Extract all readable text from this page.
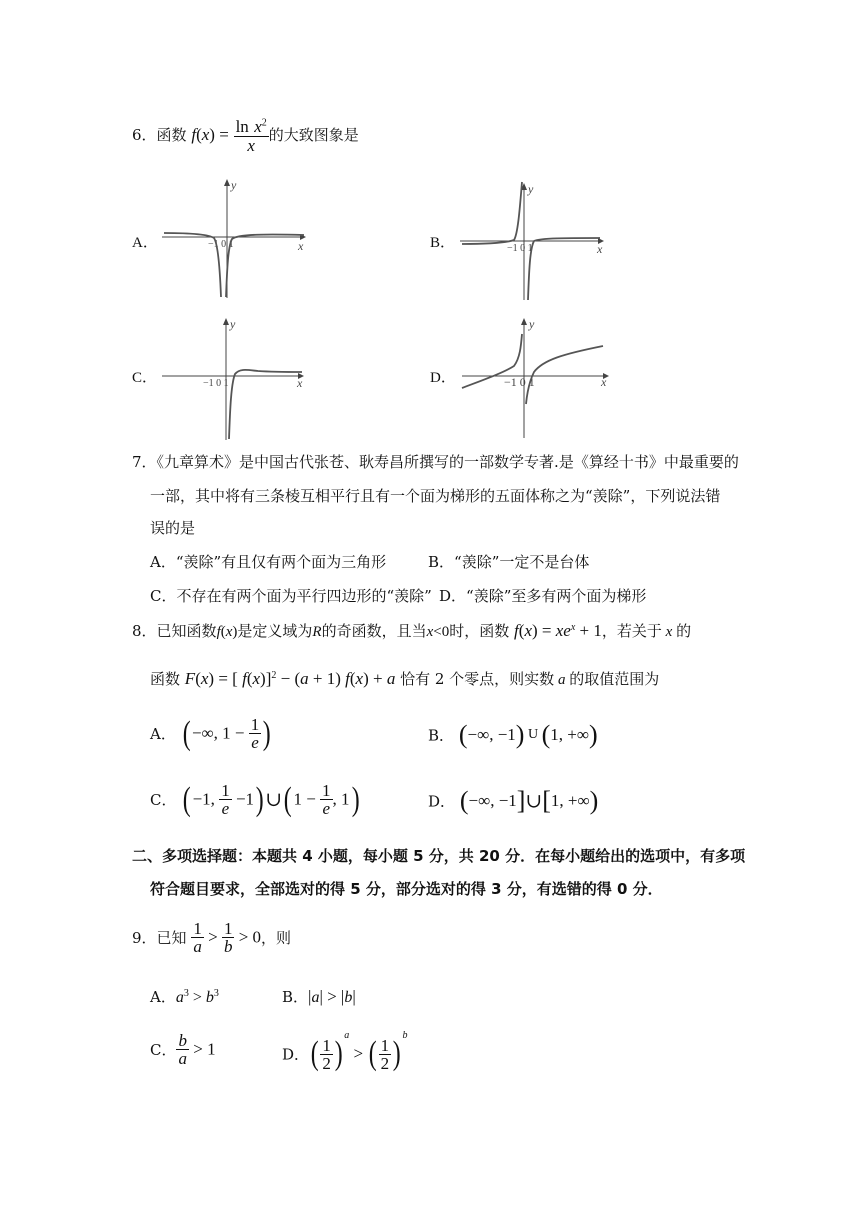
6．函数 $f(x) = \frac{\ln x^2}{x}$ 的大致图象是
A．	B．
C．	D．
y
x
−1 0 1
y
x
−1 0 1
y
x
−1 0 1
y
x
−1 0 1
7．《九章算术》是中国古代张苍、耿寿昌所撰写的一部数学专著.是《算经十书》中最重要的
一部，其中将有三条棱互相平行且有一个面为梯形的五面体称之为“羡除”，下列说法错
误的是
A．“羡除”有且仅有两个面为三角形	B．“羡除”一定不是台体
C．不存在有两个面为平行四边形的“羡除” D．“羡除”至多有两个面为梯形
8．已知函数f(x)是定义域为R的奇函数，且当x<0时，函数 $f(x) = xe^x + 1$，若关于 x 的
函数 F(x) = [ f(x)]$^2$ − (a + 1) f(x) + a 恰有 2 个零点，则实数 a 的取值范围为
A． (−∞, $1 - \frac{1}{e}$ )	B． (−∞, −1) U (1, +∞)
C． (−1, $\frac{1}{e}$ −1)∪(1 − $\frac{1}{e}$ , 1)	D． (−∞, −1]∪[1, +∞)
二、多项选择题：本题共 4 小题，每小题 5 分，共 20 分．在每小题给出的选项中，有多项
符合题目要求，全部选对的得 5 分，部分选对的得 3 分，有选错的得 0 分．
9．已知 $\frac{1}{a} > \frac{1}{b} > 0$，则
A．$a^3 > b^3$	B．|a| > |b|
C． $\frac{b}{a} > 1$	D．( $\frac{1}{2}$ ) $^a$ > ( $\frac{1}{2}$ ) $^b$
